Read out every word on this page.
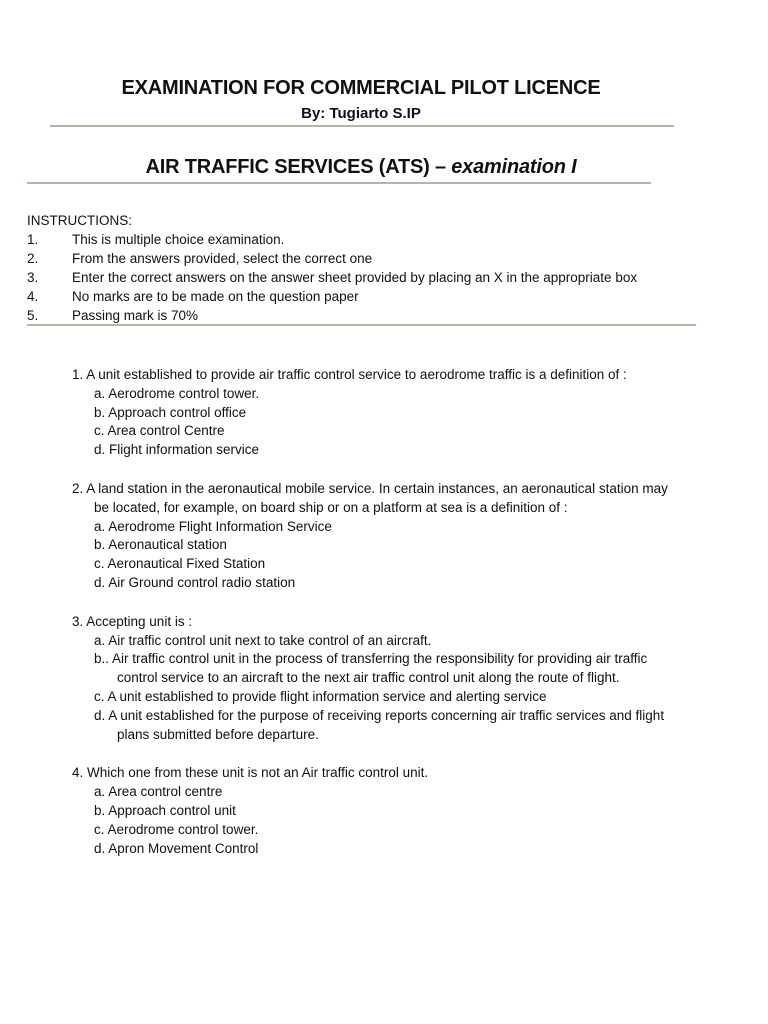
EXAMINATION FOR COMMERCIAL PILOT LICENCE
By: Tugiarto S.IP
AIR TRAFFIC SERVICES (ATS) – examination I
INSTRUCTIONS:
1. This is multiple choice examination.
2. From the answers provided, select the correct one
3. Enter the correct answers on the answer sheet provided by placing an X in the appropriate box
4. No marks are to be made on the question paper
5. Passing mark is 70%
1. A unit established to provide air traffic control service to aerodrome traffic is a definition of :
a. Aerodrome control tower.
b. Approach control office
c. Area control Centre
d. Flight information service
2. A land station in the aeronautical mobile service. In certain instances, an aeronautical station may
be located, for example, on board ship or on a platform at sea is a definition of :
a. Aerodrome Flight Information Service
b. Aeronautical station
c. Aeronautical Fixed Station
d. Air Ground control radio station
3. Accepting unit is :
a. Air traffic control unit next to take control of an aircraft.
b.. Air traffic control unit in the process of transferring the responsibility for providing air traffic
control service to an aircraft to the next air traffic control unit along the route of flight.
c. A unit established to provide flight information service and alerting service
d. A unit established for the purpose of receiving reports concerning air traffic services and flight
plans submitted before departure.
4. Which one from these unit is not an Air traffic control unit.
a. Area control centre
b. Approach control unit
c. Aerodrome control tower.
d. Apron Movement Control
